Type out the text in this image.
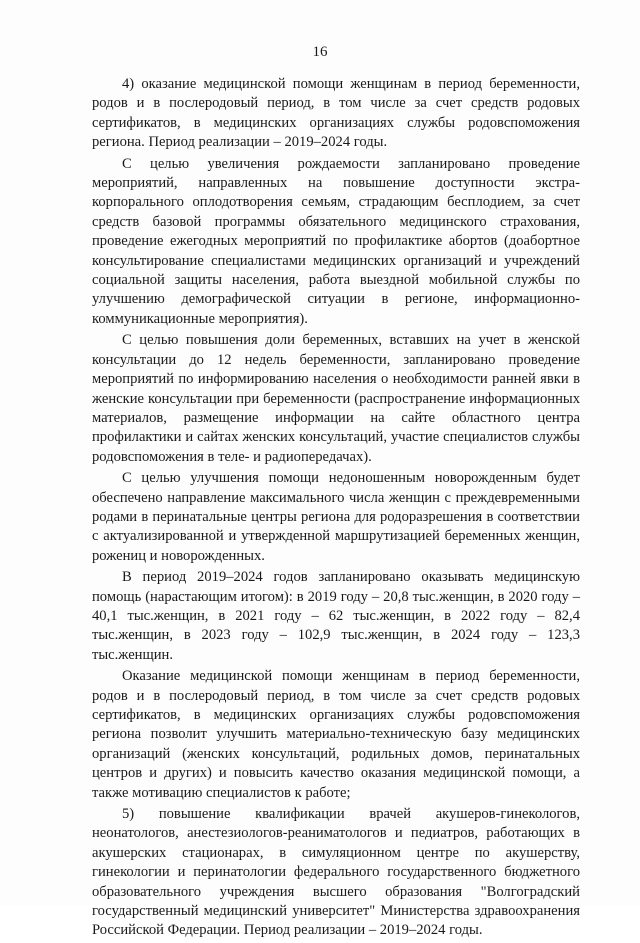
16

4) оказание медицинской помощи женщинам в период беременности, родов и в послеродовый период, в том числе за счет средств родовых сертификатов, в медицинских организациях службы родовспоможения региона. Период реализации – 2019–2024 годы.

С целью увеличения рождаемости запланировано проведение мероприятий, направленных на повышение доступности экстра-корпорального оплодотворения семьям, страдающим бесплодием, за счет средств базовой программы обязательного медицинского страхования, проведение ежегодных мероприятий по профилактике абортов (доабортное консультирование специалистами медицинских организаций и учреждений социальной защиты населения, работа выездной мобильной службы по улучшению демографической ситуации в регионе, информационно-коммуникационные мероприятия).

С целью повышения доли беременных, вставших на учет в женской консультации до 12 недель беременности, запланировано проведение мероприятий по информированию населения о необходимости ранней явки в женские консультации при беременности (распространение информационных материалов, размещение информации на сайте областного центра профилактики и сайтах женских консультаций, участие специалистов службы родовспоможения в теле- и радиопередачах).

С целью улучшения помощи недоношенным новорожденным будет обеспечено направление максимального числа женщин с преждевременными родами в перинатальные центры региона для родоразрешения в соответствии с актуализированной и утвержденной маршрутизацией беременных женщин, рожениц и новорожденных.

В период 2019–2024 годов запланировано оказывать медицинскую помощь (нарастающим итогом): в 2019 году – 20,8 тыс.женщин, в 2020 году – 40,1 тыс.женщин, в 2021 году – 62 тыс.женщин, в 2022 году – 82,4 тыс.женщин, в 2023 году – 102,9 тыс.женщин, в 2024 году – 123,3 тыс.женщин.

Оказание медицинской помощи женщинам в период беременности, родов и в послеродовый период, в том числе за счет средств родовых сертификатов, в медицинских организациях службы родовспоможения региона позволит улучшить материально-техническую базу медицинских организаций (женских консультаций, родильных домов, перинатальных центров и других) и повысить качество оказания медицинской помощи, а также мотивацию специалистов к работе;

5) повышение квалификации врачей акушеров-гинекологов, неонатологов, анестезиологов-реаниматологов и педиатров, работающих в акушерских стационарах, в симуляционном центре по акушерству, гинекологии и перинатологии федерального государственного бюджетного образовательного учреждения высшего образования "Волгоградский государственный медицинский университет" Министерства здравоохранения Российской Федерации. Период реализации – 2019–2024 годы.
